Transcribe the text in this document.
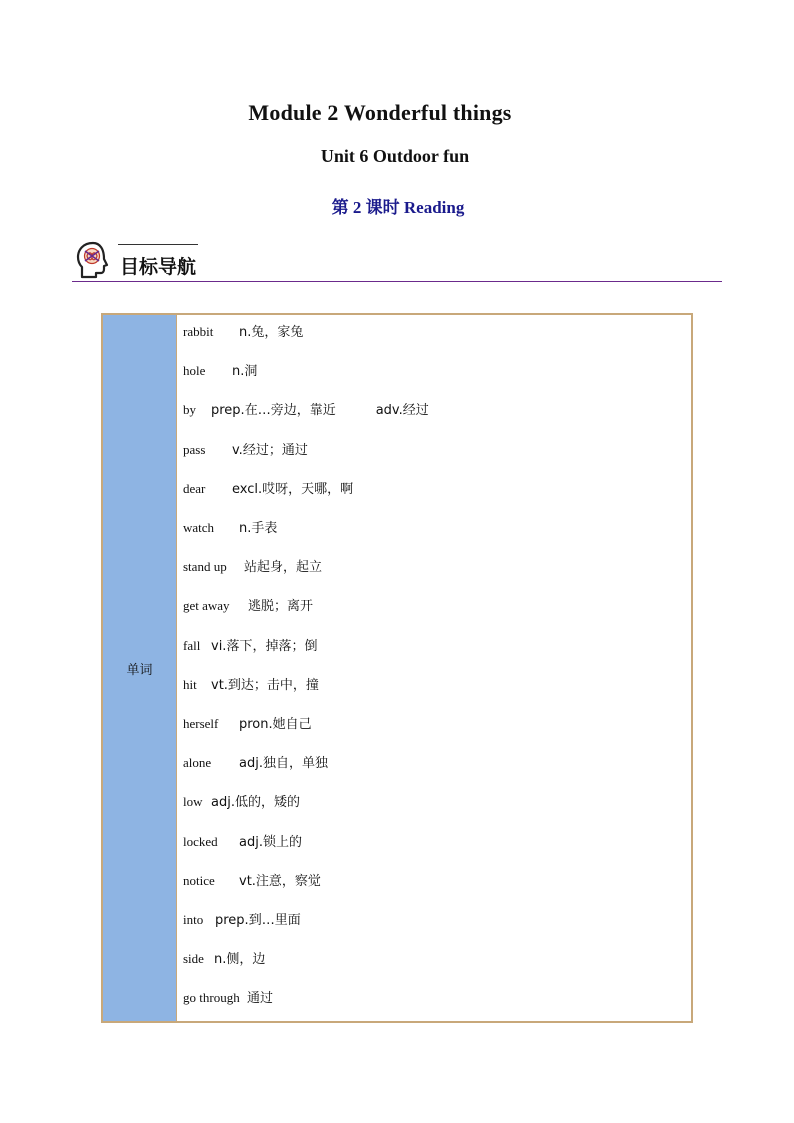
Module 2 Wonderful things
Unit 6 Outdoor fun
第 2 课时 Reading
目标导航
单词
rabbit n.兔，家兔
hole n.洞
by prep.在…旁边，靠近	adv.经过
pass v.经过；通过
dear excl.哎呀，天哪，啊
watch n.手表
stand up 站起身，起立
get away 逃脱；离开
fall vi.落下，掉落；倒
hit vt.到达；击中，撞
herself pron.她自己
alone adj.独自，单独
low adj.低的，矮的
locked adj.锁上的
notice vt.注意，察觉
into prep.到…里面
side n.侧，边
go through 通过
